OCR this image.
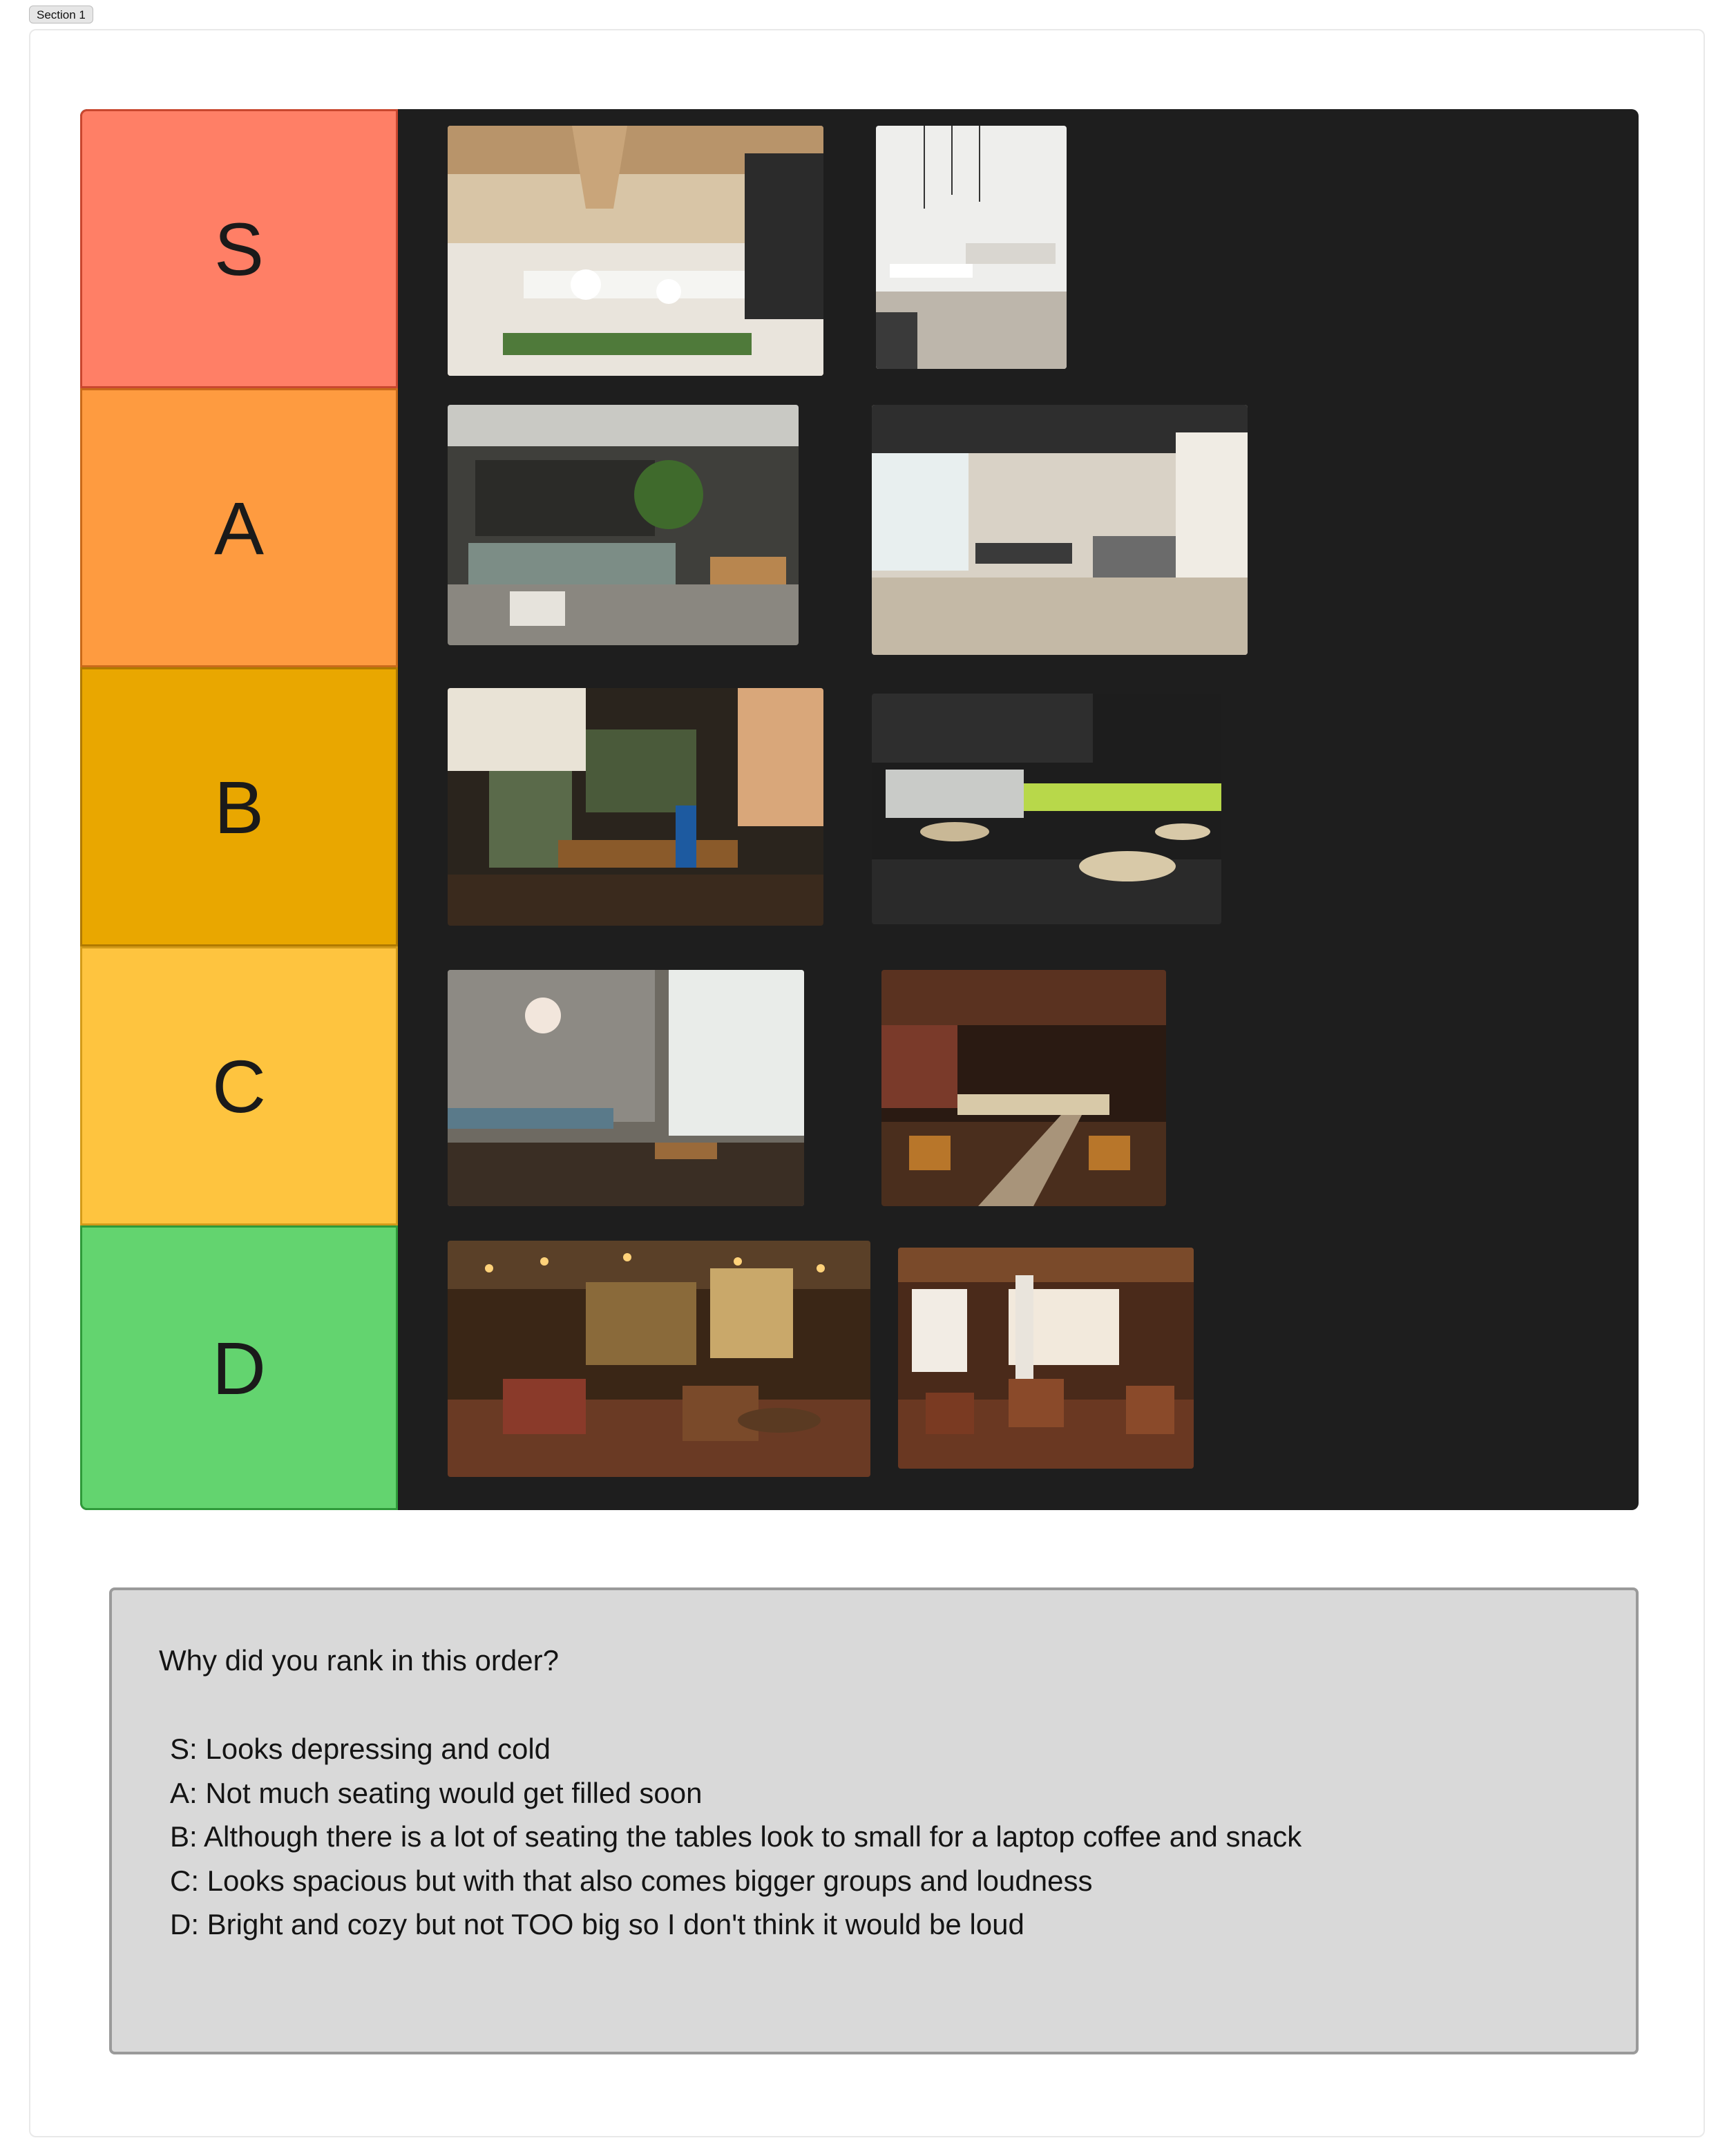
Section 1
S
A
B
C
D
Why did you rank in this order?
S: Looks depressing and cold
A: Not much seating would get filled soon
B: Although there is a lot of seating the tables look to small for a laptop coffee and snack
C: Looks spacious but with that also comes bigger groups and loudness
D: Bright and cozy but not TOO big so I don't think it would be loud
